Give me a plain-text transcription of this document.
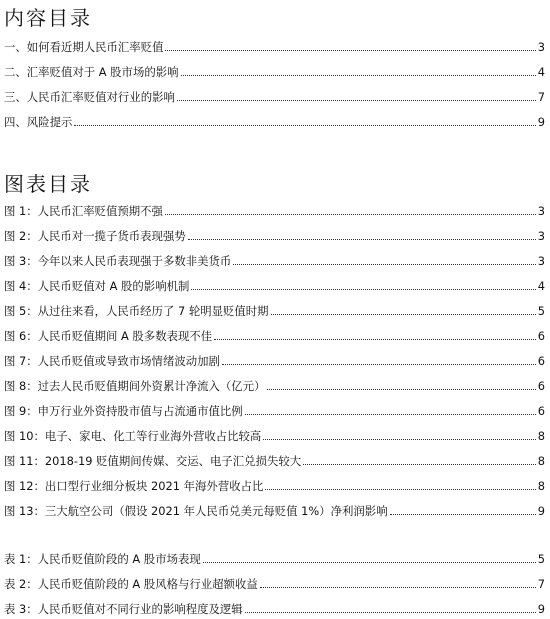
内容目录
一、如何看近期人民币汇率贬值	3
二、汇率贬值对于 A 股市场的影响	4
三、人民币汇率贬值对行业的影响	7
四、风险提示	9
图表目录
图 1：人民币汇率贬值预期不强	3
图 2：人民币对一揽子货币表现强势	3
图 3：今年以来人民币表现强于多数非美货币	3
图 4：人民币贬值对 A 股的影响机制	4
图 5：从过往来看，人民币经历了 7 轮明显贬值时期	5
图 6：人民币贬值期间 A 股多数表现不佳	6
图 7：人民币贬值或导致市场情绪波动加剧	6
图 8：过去人民币贬值期间外资累计净流入（亿元）	6
图 9：申万行业外资持股市值与占流通市值比例	6
图 10：电子、家电、化工等行业海外营收占比较高	8
图 11：2018-19 贬值期间传媒、交运、电子汇兑损失较大	8
图 12：出口型行业细分板块 2021 年海外营收占比	8
图 13：三大航空公司（假设 2021 年人民币兑美元每贬值 1%）净利润影响	9
表 1：人民币贬值阶段的 A 股市场表现	5
表 2：人民币贬值阶段的 A 股风格与行业超额收益	7
表 3：人民币贬值对不同行业的影响程度及逻辑	9
